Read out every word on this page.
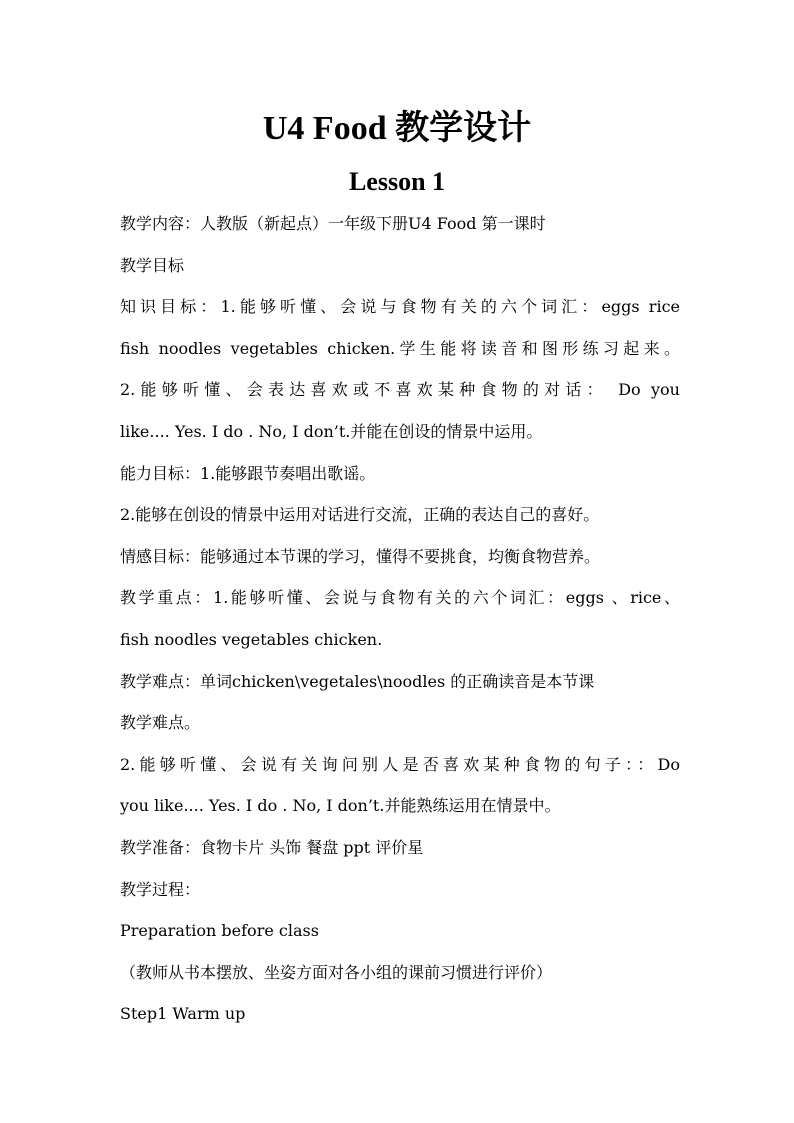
U4 Food 教学设计
Lesson 1
教学内容：人教版（新起点）一年级下册U4 Food 第一课时
教学目标
知识目标：1.能够听懂、会说与食物有关的六个词汇：eggs rice
fish noodles vegetables chicken.学生能将读音和图形练习起来。
2.能够听懂、会表达喜欢或不喜欢某种食物的对话： Do you
like.... Yes. I do . No, I don’t.并能在创设的情景中运用。
能力目标：1.能够跟节奏唱出歌谣。
2.能够在创设的情景中运用对话进行交流，正确的表达自己的喜好。
情感目标：能够通过本节课的学习，懂得不要挑食，均衡食物营养。
教学重点：1.能够听懂、会说与食物有关的六个词汇：eggs 、rice、
fish noodles vegetables chicken.
教学难点：单词chicken\vegetales\noodles 的正确读音是本节课
教学难点。
2.能够听懂、会说有关询问别人是否喜欢某种食物的句子：：Do
you like.... Yes. I do . No, I don’t.并能熟练运用在情景中。
教学准备：食物卡片 头饰 餐盘 ppt 评价星
教学过程：
Preparation before class
（教师从书本摆放、坐姿方面对各小组的课前习惯进行评价）
Step1 Warm up
